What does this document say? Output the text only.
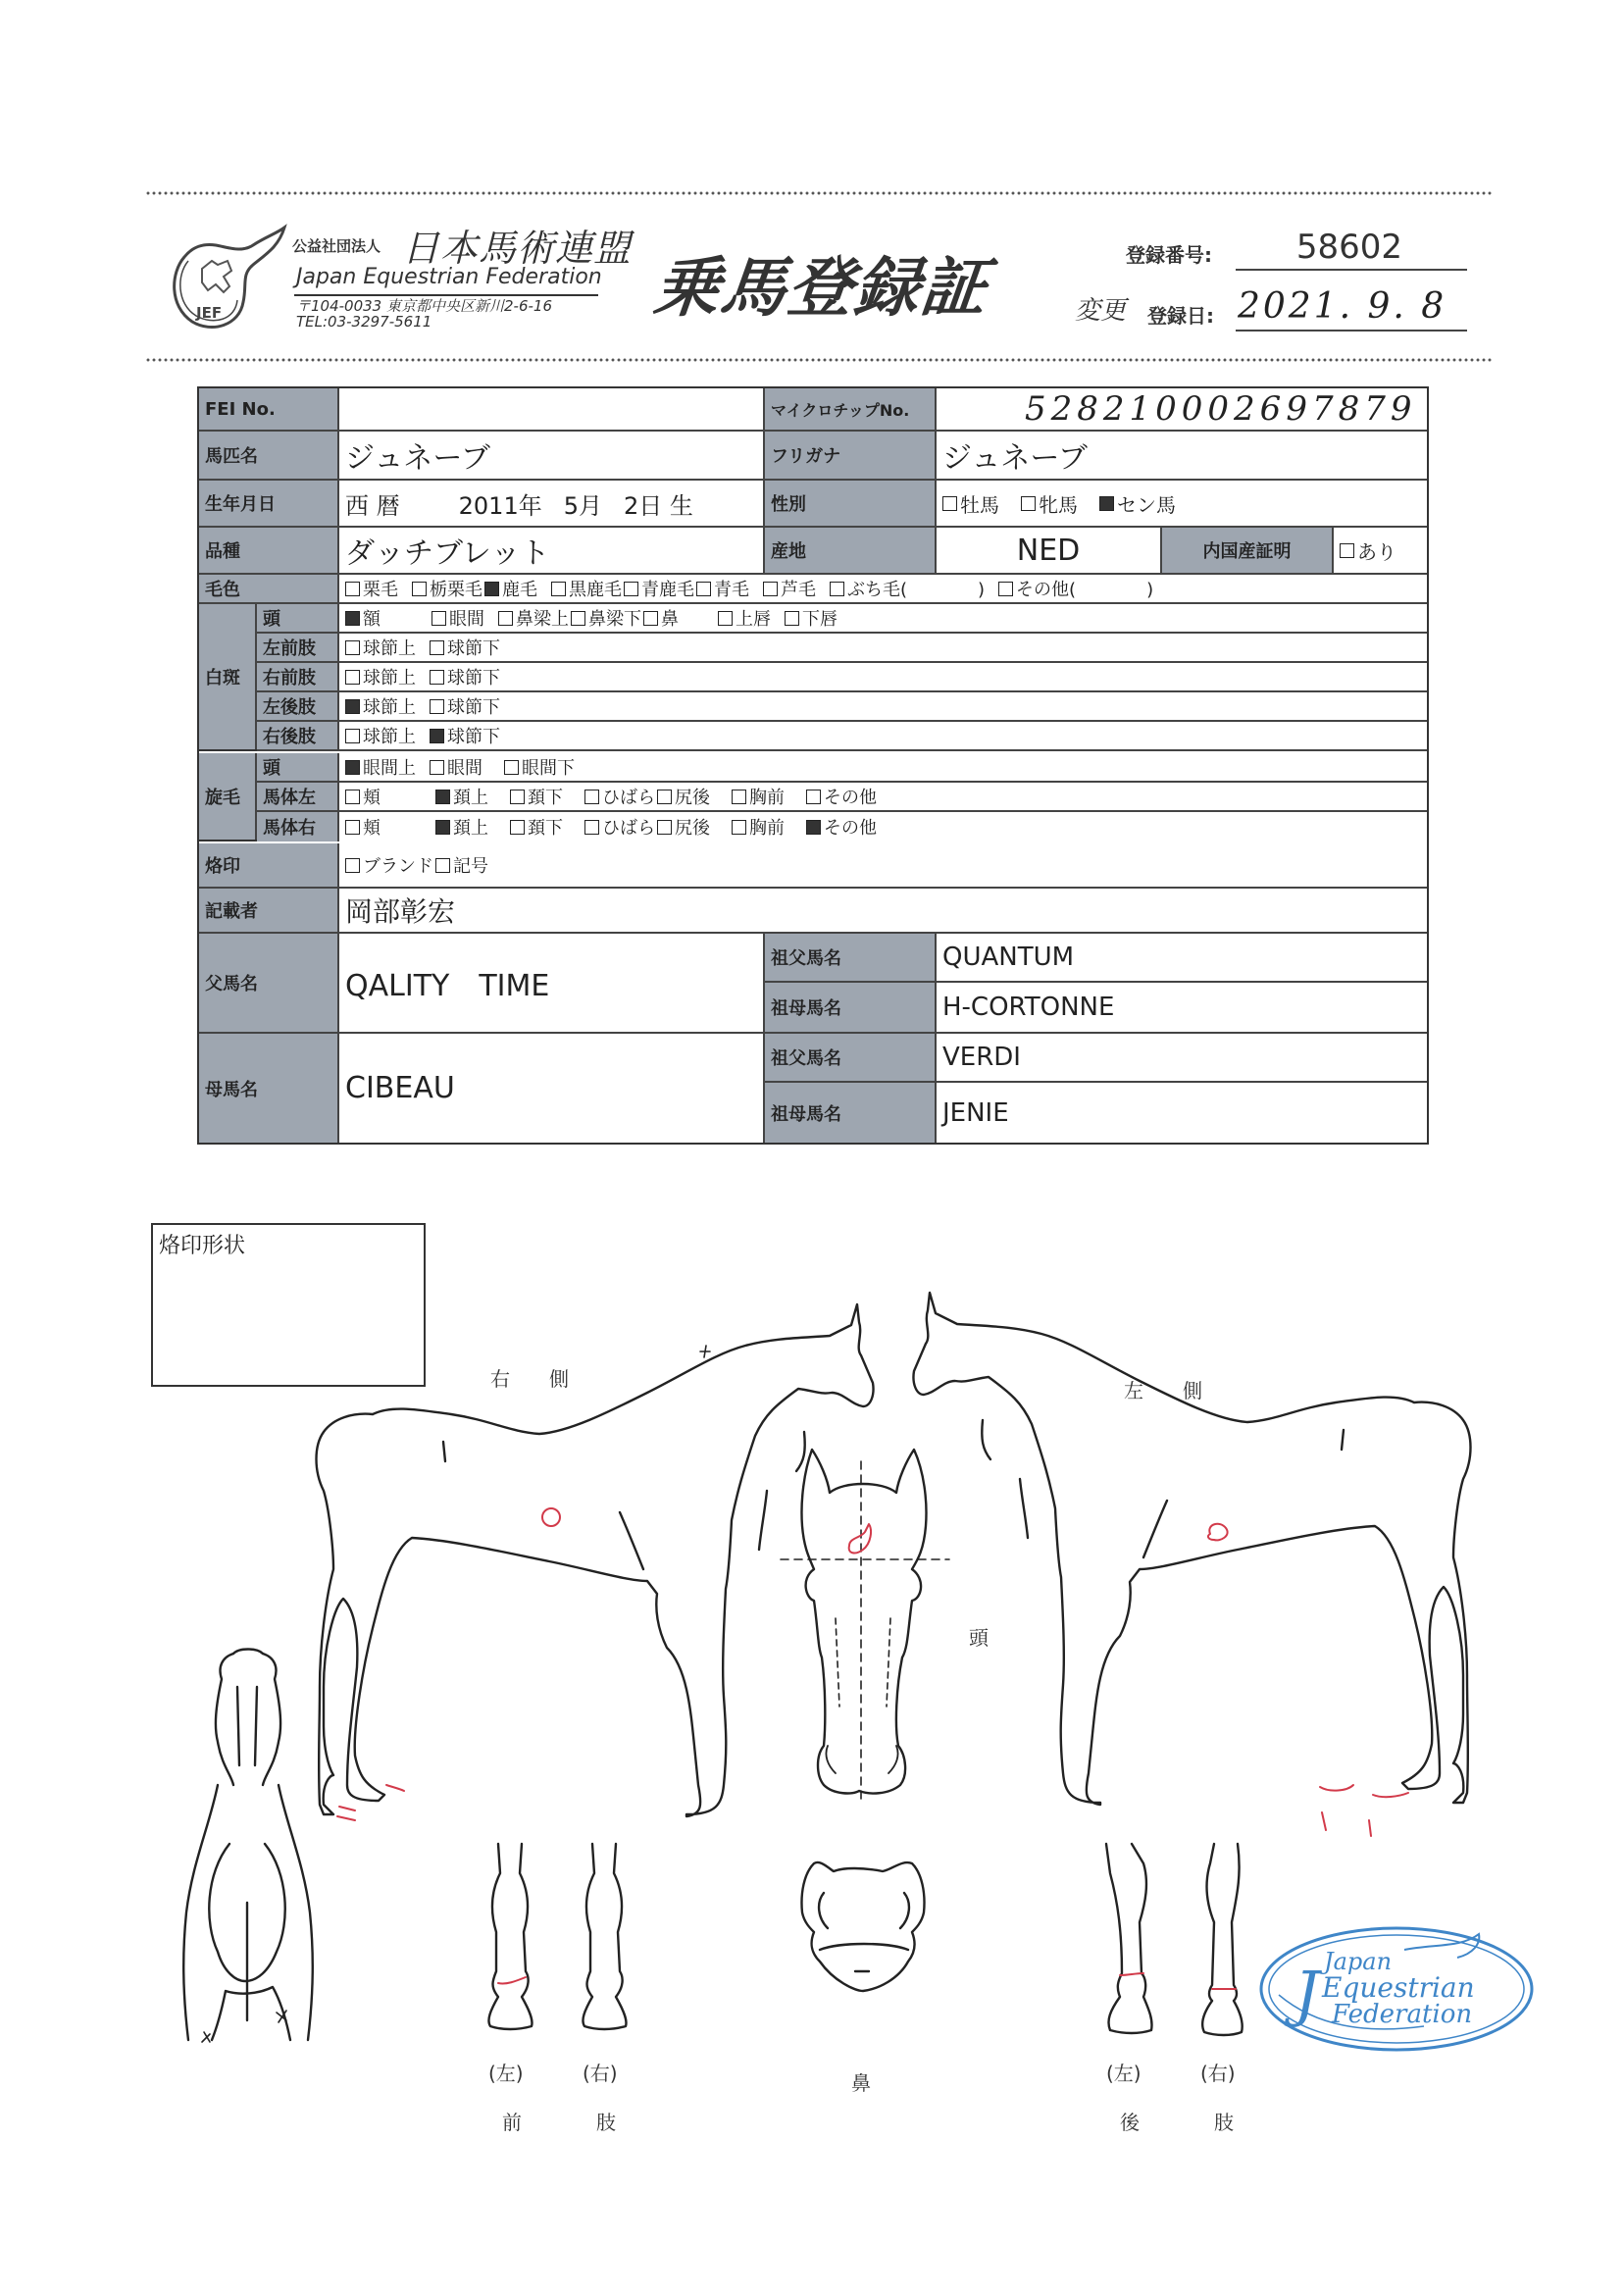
JEF
公益社団法人 日本馬術連盟
Japan Equestrian Federation
〒104-0033 東京都中央区新川2-6-16
TEL:03-3297-5611	乗馬登録証	登録番号:	58602
変更 登録日: 2021. 9. 8
FEI No.	マイクロチップNo.	528210002697879
馬匹名	ジュネーブ	フリガナ	ジュネーブ
生年月日	西 暦	2011年 5月 2日 生	性別	牡馬 牝馬 セン馬
品種	ダッチブレット	産地	NED	内国産証明	あり
毛色	栗毛 栃栗毛 鹿毛 黒鹿毛 青鹿毛 青毛 芦毛 ぶち毛(　　　　) その他(　　　　)
白斑
頭	額	眼間 鼻梁上 鼻梁下 鼻	上唇 下唇
左前肢	球節上 球節下
右前肢	球節上 球節下
左後肢	球節上 球節下
右後肢	球節上 球節下
旋毛
頭	眼間上 眼間 眼間下
馬体左	頬	頚上 頚下 ひばら 尻後 胸前 その他
馬体右	頬	頚上 頚下 ひばら 尻後 胸前 その他
烙印	ブランド 記号
記載者	岡部彰宏
父馬名	QALITY　TIME
祖父馬名	QUANTUM
祖母馬名	H-CORTONNE
母馬名	CIBEAU
祖父馬名	VERDI
祖母馬名	JENIE
烙印形状
右　　側	左　　側
頭
鼻
(左)	(右)
前	肢
(左)	(右)
後	肢
J Japan
Equestrian
Federation
